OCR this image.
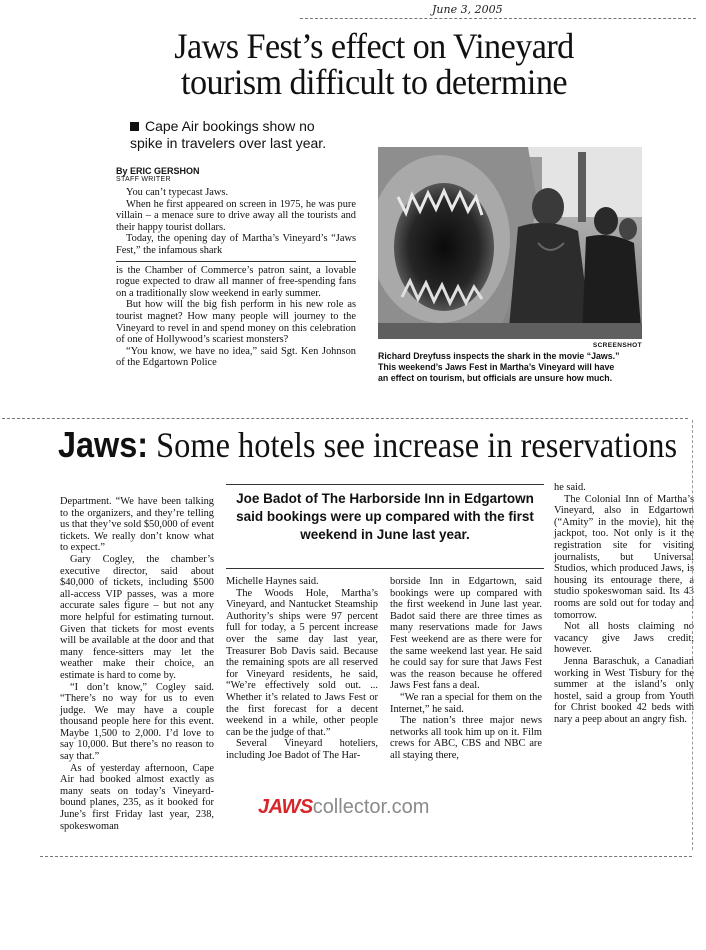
June 3, 2005
Jaws Fest’s effect on Vineyard
tourism difficult to determine
Cape Air bookings show no
spike in travelers over last year.
By ERIC GERSHON
STAFF WRITER

You can’t typecast Jaws.

When he first appeared on screen in 1975, he was pure villain – a menace sure to drive away all the tourists and their happy tourist dollars.

Today, the opening day of Martha’s Vineyard’s “Jaws Fest,” the infamous shark

is the Chamber of Commerce’s patron saint, a lovable rogue expected to draw all manner of free-spending fans on a traditionally slow weekend in early summer.

But how will the big fish perform in his new role as tourist magnet? How many people will journey to the Vineyard to revel in and spend money on this celebration of one of Hollywood’s scariest monsters?

“You know, we have no idea,” said Sgt. Ken Johnson of the Edgartown Police

SCREENSHOT
Richard Dreyfuss inspects the shark in the movie “Jaws.”
This weekend’s Jaws Fest in Martha’s Vineyard will have
an effect on tourism, but officials are unsure how much.
Jaws: Some hotels see increase in reservations

Department. “We have been talking to the organizers, and they’re telling us that they’ve sold $50,000 of event tickets. We really don’t know what to expect.”

Gary Cogley, the chamber’s executive director, said about $40,000 of tickets, including $500 all-access VIP passes, was a more accurate sales figure – but not any more helpful for estimating turnout. Given that tickets for most events will be available at the door and that many fence-sitters may let the weather make their choice, an estimate is hard to come by.

“I don’t know,” Cogley said. “There’s no way for us to even judge. We may have a couple thousand people here for this event. Maybe 1,500 to 2,000. I’d love to say 10,000. But there’s no reason to say that.”

As of yesterday afternoon, Cape Air had booked almost exactly as many seats on today’s Vineyard-bound planes, 235, as it booked for June’s first Friday last year, 238, spokeswoman

Joe Badot of The Harborside Inn in Edgartown said bookings were up compared with the first weekend in June last year.

Michelle Haynes said.

The Woods Hole, Martha’s Vineyard, and Nantucket Steamship Authority’s ships were 97 percent full for today, a 5 percent increase over the same day last year, Treasurer Bob Davis said. Because the remaining spots are all reserved for Vineyard residents, he said, “We’re effectively sold out. ... Whether it’s related to Jaws Fest or the first forecast for a decent weekend in a while, other people can be the judge of that.”

Several Vineyard hoteliers, including Joe Badot of The Har-

borside Inn in Edgartown, said bookings were up compared with the first weekend in June last year. Badot said there are three times as many reservations made for Jaws Fest weekend are as there were for the same weekend last year. He said he could say for sure that Jaws Fest was the reason because he offered Jaws Fest fans a deal.

“We ran a special for them on the Internet,” he said.

The nation’s three major news networks all took him up on it. Film crews for ABC, CBS and NBC are all staying there,

he said.

The Colonial Inn of Martha’s Vineyard, also in Edgartown (“Amity” in the movie), hit the jackpot, too. Not only is it the registration site for visiting journalists, but Universal Studios, which produced Jaws, is housing its entourage there, a studio spokeswoman said. Its 43 rooms are sold out for today and tomorrow.

Not all hosts claiming no vacancy give Jaws credit, however.

Jenna Baraschuk, a Canadian working in West Tisbury for the summer at the island’s only hostel, said a group from Youth for Christ booked 42 beds with nary a peep about an angry fish.

JAWScollector.com
